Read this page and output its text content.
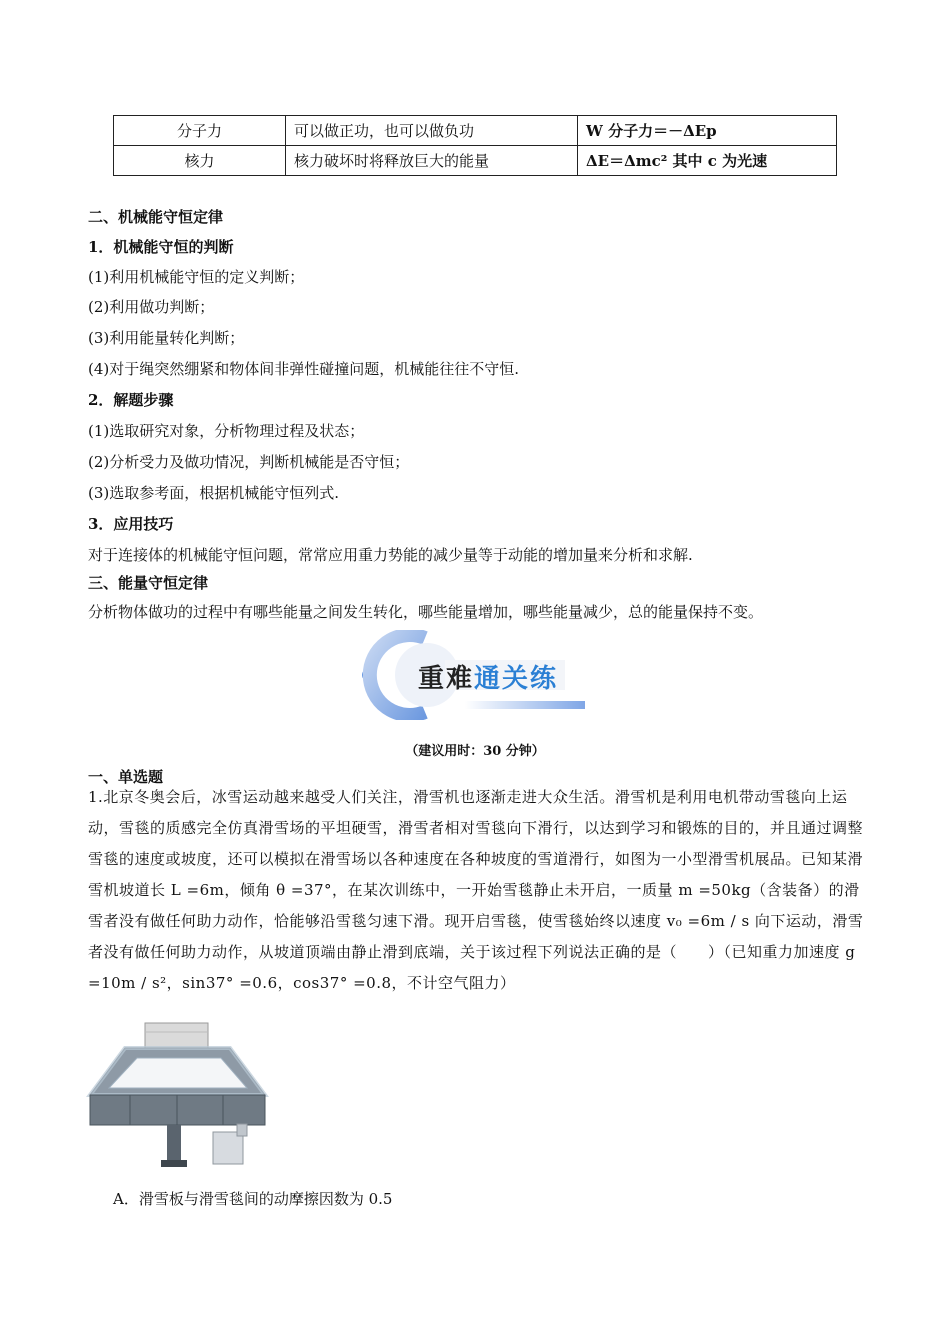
分子力	可以做正功，也可以做负功	W 分子力＝－ΔEp
核力	核力破坏时将释放巨大的能量	ΔE＝Δmc² 其中 c 为光速
二、机械能守恒定律
1．机械能守恒的判断
(1)利用机械能守恒的定义判断；
(2)利用做功判断；
(3)利用能量转化判断；
(4)对于绳突然绷紧和物体间非弹性碰撞问题，机械能往往不守恒.
2．解题步骤
(1)选取研究对象，分析物理过程及状态；
(2)分析受力及做功情况，判断机械能是否守恒；
(3)选取参考面，根据机械能守恒列式.
3．应用技巧
对于连接体的机械能守恒问题，常常应用重力势能的减少量等于动能的增加量来分析和求解.
三、能量守恒定律
分析物体做功的过程中有哪些能量之间发生转化，哪些能量增加，哪些能量减少，总的能量保持不变。
重难通关练
（建议用时：30 分钟）
一、单选题
1.北京冬奥会后，冰雪运动越来越受人们关注，滑雪机也逐渐走进大众生活。滑雪机是利用电机带动雪毯向上运动，雪毯的质感完全仿真滑雪场的平坦硬雪，滑雪者相对雪毯向下滑行，以达到学习和锻炼的目的，并且通过调整雪毯的速度或坡度，还可以模拟在滑雪场以各种速度在各种坡度的雪道滑行，如图为一小型滑雪机展品。已知某滑雪机坡道长 L =6m，倾角 θ =37°，在某次训练中，一开始雪毯静止未开启，一质量 m =50kg（含装备）的滑雪者没有做任何助力动作，恰能够沿雪毯匀速下滑。现开启雪毯，使雪毯始终以速度 v₀ =6m / s 向下运动，滑雪者没有做任何助力动作，从坡道顶端由静止滑到底端，关于该过程下列说法正确的是（　　）（已知重力加速度 g =10m / s²，sin37° =0.6，cos37° =0.8，不计空气阻力）
A．滑雪板与滑雪毯间的动摩擦因数为 0.5
